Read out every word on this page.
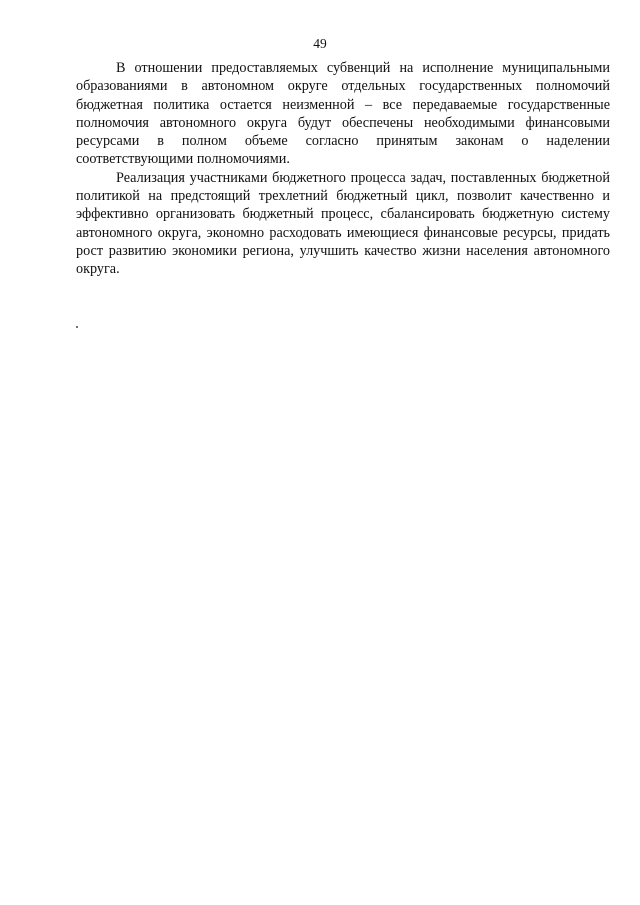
49

В отношении предоставляемых субвенций на исполнение муниципальными образованиями в автономном округе отдельных государственных полномочий бюджетная политика остается неизменной – все передаваемые государственные полномочия автономного округа будут обеспечены необходимыми финансовыми ресурсами в полном объеме согласно принятым законам о наделении соответствующими полномочиями.

Реализация участниками бюджетного процесса задач, поставленных бюджетной политикой на предстоящий трехлетний бюджетный цикл, позволит качественно и эффективно организовать бюджетный процесс, сбалансировать бюджетную систему автономного округа, экономно расходовать имеющиеся финансовые ресурсы, придать рост развитию экономики региона, улучшить качество жизни населения автономного округа.
